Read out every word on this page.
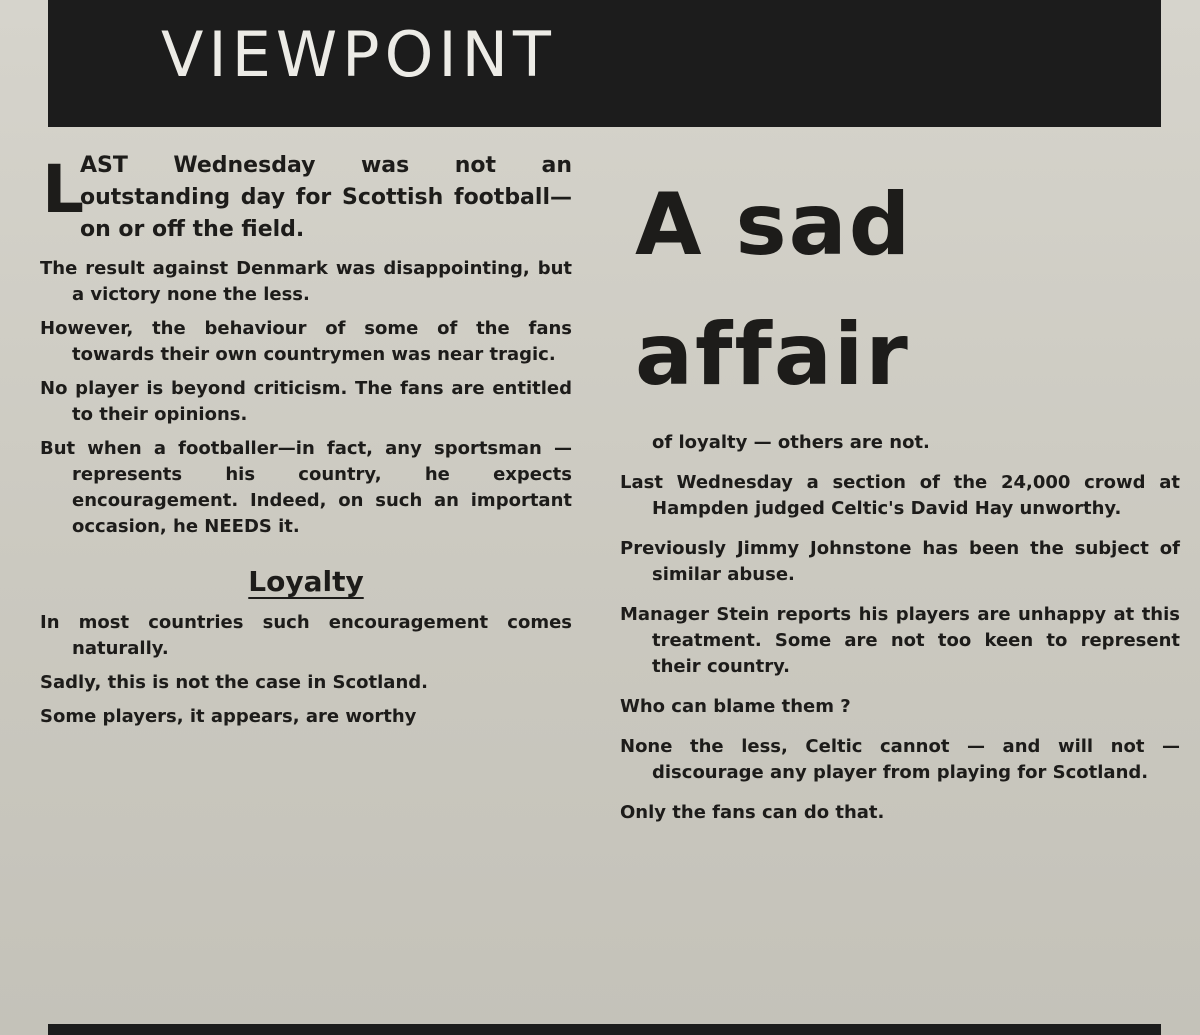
VIEWPOINT
L
AST Wednesday was not an outstanding day for Scottish football—on or off the field.

The result against Denmark was disappointing, but a victory none the less.

However, the behaviour of some of the fans towards their own countrymen was near tragic.

No player is beyond criticism. The fans are entitled to their opinions.

But when a footballer—in fact, any sportsman — represents his country, he expects encouragement. Indeed, on such an important occasion, he NEEDS it.

Loyalty

In most countries such encouragement comes naturally.

Sadly, this is not the case in Scotland.

Some players, it appears, are worthy

A sad
affair

of loyalty — others are not.

Last Wednesday a section of the 24,000 crowd at Hampden judged Celtic's David Hay unworthy.

Previously Jimmy Johnstone has been the subject of similar abuse.

Manager Stein reports his players are unhappy at this treatment. Some are not too keen to represent their country.

Who can blame them ?

None the less, Celtic cannot — and will not — discourage any player from playing for Scotland.

Only the fans can do that.
